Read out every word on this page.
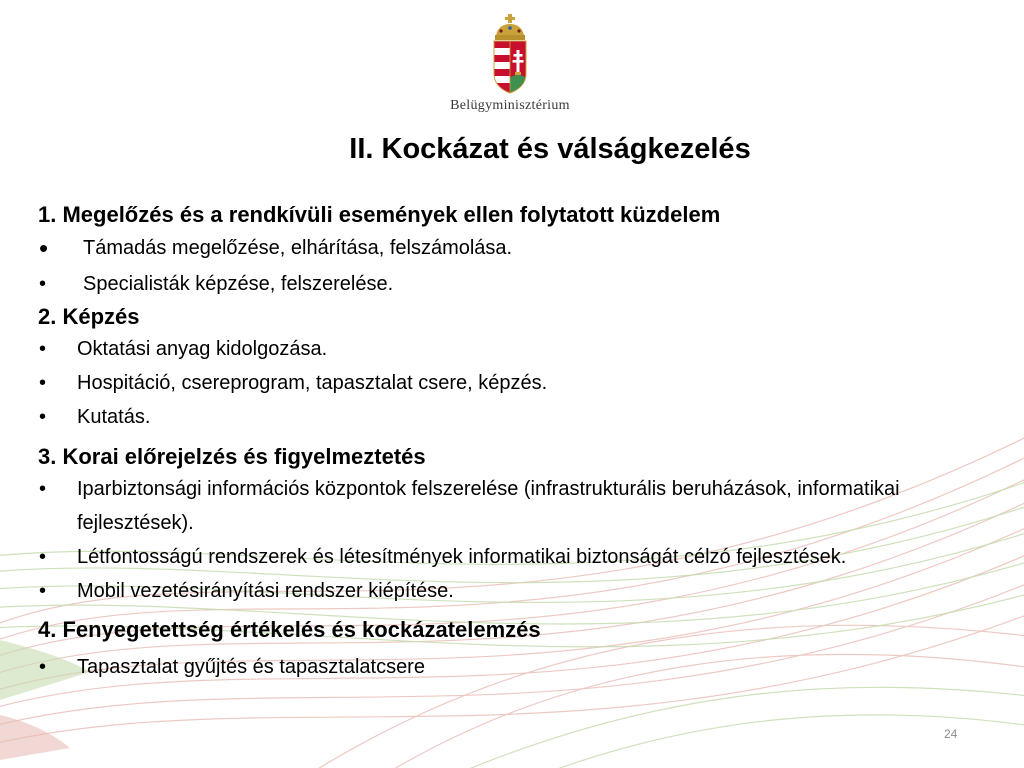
Belügyminisztérium
II. Kockázat és válságkezelés
1. Megelőzés és a rendkívüli események ellen folytatott küzdelem
• Támadás megelőzése, elhárítása, felszámolása.
• Specialisták képzése, felszerelése.
2. Képzés
• Oktatási anyag kidolgozása.
• Hospitáció, csereprogram, tapasztalat csere, képzés.
• Kutatás.
3. Korai előrejelzés és figyelmeztetés
• Iparbiztonsági információs központok felszerelése (infrastrukturális beruházások, informatikai fejlesztések).
• Létfontosságú rendszerek és létesítmények informatikai biztonságát célzó fejlesztések.
• Mobil vezetésirányítási rendszer kiépítése.
4. Fenyegetettség értékelés és kockázatelemzés
• Tapasztalat gyűjtés és tapasztalatcsere
24
